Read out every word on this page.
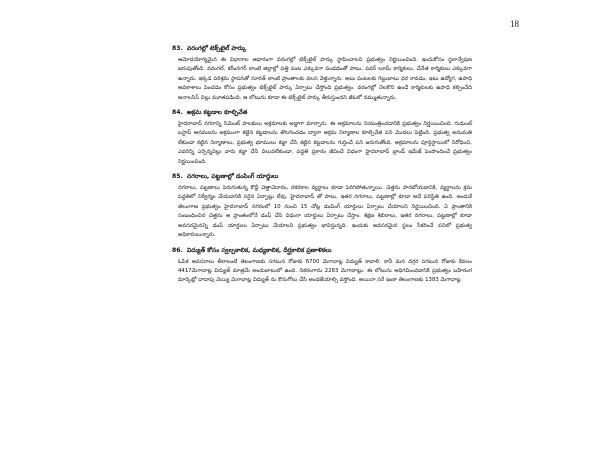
18
83. వరంగల్లో టెక్స్‌టైల్ పార్కు

ఆమోదయోగ్యమైన ఈ విధానాల ఆధారంగా వరంగల్లో టెక్స్‌టైల్ పార్కు స్థాపించాలని ప్రభుత్వం నిర్ణయించింది. ఇందుకోసం స్థలాన్వేషణ జరుపుతోంది. వరంగల్, కరీంనగర్ లాంటి జిల్లాల్లో పత్తి పంట ఎక్కువగా పండడంతో పాటు, పవర్ లూమ్ కార్మికులు, చేనేత కార్మికులు ఎక్కువగా ఉన్నారు. ఇక్కడ పరిశ్రమ స్థాపనతో సూరత్ లాంటి ప్రాంతాలకు వలస వెళ్తున్నారు. అటు పంటలకు గిట్టుబాటు ధర రావడం, ఇటు ఉద్యోగ, ఉపాధి అవకాశాలు పెంచడం కోసం ప్రభుత్వం టెక్స్‌టైల్ పార్కు ఏర్పాటు చేస్తోంది ప్రభుత్వం. వరంగల్లో నెలకొని ఉండే కార్మికులకు ఉపాధి కల్పించేది అనాలసిస్ విల్లు మూతపడింది. ఆ లోటును కూడా ఈ టెక్స్‌టైల్ పార్కు తీరుస్తుందని జీఓలో నమ్ముతున్నారు.

84. అక్రమ కట్టడాల కూల్చివేత

హైదరాబాద్ నగరాన్ని సిమెంట్ పాలకులు అక్రమాలకు అడ్డాగా మార్చారు. ఈ అక్రమాలను నియంత్రించడానికి ప్రభుత్వం నిర్ణయించింది. గుడుంబ్ బస్టాప్ ఆనమలను అక్రమంగా కట్టిన కట్టడాలను తొలగించడం ద్వారా అక్రమ నిర్మాణాల కూల్చివేత పని మొదలు పెట్టింది. ప్రభుత్వ అనుమతి లేకుండా కట్టిన నిర్మాణాలు, ప్రభుత్వ భూములు కబ్జా చేసి కట్టిన కట్టడాలను గుర్తించే పని జరుగుతోంది. అక్రమాలను పూర్తిస్థాయిలో నిరోధించి, ఎవరెన్ని ఎర్పెన్నవిల్లు వారు కబ్జా చేసే విలువలేకుండా, పద్ధతి ప్రకారం జీవించే విధంగా హైదరాబాద్ బ్రాండ్ ఇమేజ్ పెంపొందించే ప్రభుత్వం నిర్ణయించింది.

85. నగరాలు, పట్టణాల్లో డంపింగ్ యార్డులు

నగరాలు, పట్టణాలు పెరుగుతున్న కొద్దీ చెత్తాచెదారం, రకరకాల వ్యర్థాలు కూడా పెరిగిపోతున్నాయి. చెత్తను పారబోయడానికి, వ్యర్థాలను క్రమ పద్ధతిలో నిర్వీర్యం చేయడానికి సరైన ఏర్పాట్లు లేవు. హైదరాబాద్ తో పాటు, ఇతర నగరాలు, పట్టణాల్లో కూడా అదే పరిస్థితి ఉంది. అందుకే తెలంగాణ ప్రభుత్వం హైదరాబాద్ నగరంలో 10 నుంచి 15 చోట్ల డంపింగ్ యార్డులు ఏర్పాటు చేయాలని నిర్ణయించింది. ఏ ప్రాంతానికి సంబంధించిన చెత్తను ఆ ప్రాంతంలోనే డంప్ చేసే విధంగా యార్డులు ఏర్పాటు చేస్తాం. శిక్షణ శిబిరాలు, ఇతర నగరాలు, పట్టణాల్లో కూడా అవసరమైనన్ని డంప్ యార్డులు ఏర్పాటు చేయాలని ప్రభుత్వం భావిస్తున్నది. ఇందుకు అవసరమైన స్థలం సేకరించే పనిలో ప్రభుత్వ అధికారులున్నారు.

86. విద్యుత్ కోసం స్వల్పకాలిక, మధ్యకాలిక, దీర్ఘకాలిక ప్రణాళికలు

ఓపిక అవసరాలు తీరాలంటే తెలంగాణకు సగటున రోజుకు 6700 మెగావాట్ల విద్యుత్ కావాలి. కానీ మన దగ్గర సగటున రోజుకు కేవలం 4417మెగావాట్ల విద్యుత్ మాత్రమే అందుబాటులో ఉంది. నికరంగాను 2283 మెగావాట్లు. ఈ లోటును అధిగమించడానికి ప్రభుత్వం బహిరంగ మార్కెట్లో దాదాపు వెయ్యి మెగావాట్ల విద్యుత్ ను కొనుగోలు చేసి అందజేయాల్సి వస్తోంది. అయినా సరే ఇంకా తెలంగాణకు 1383 మెగావాట్ల
